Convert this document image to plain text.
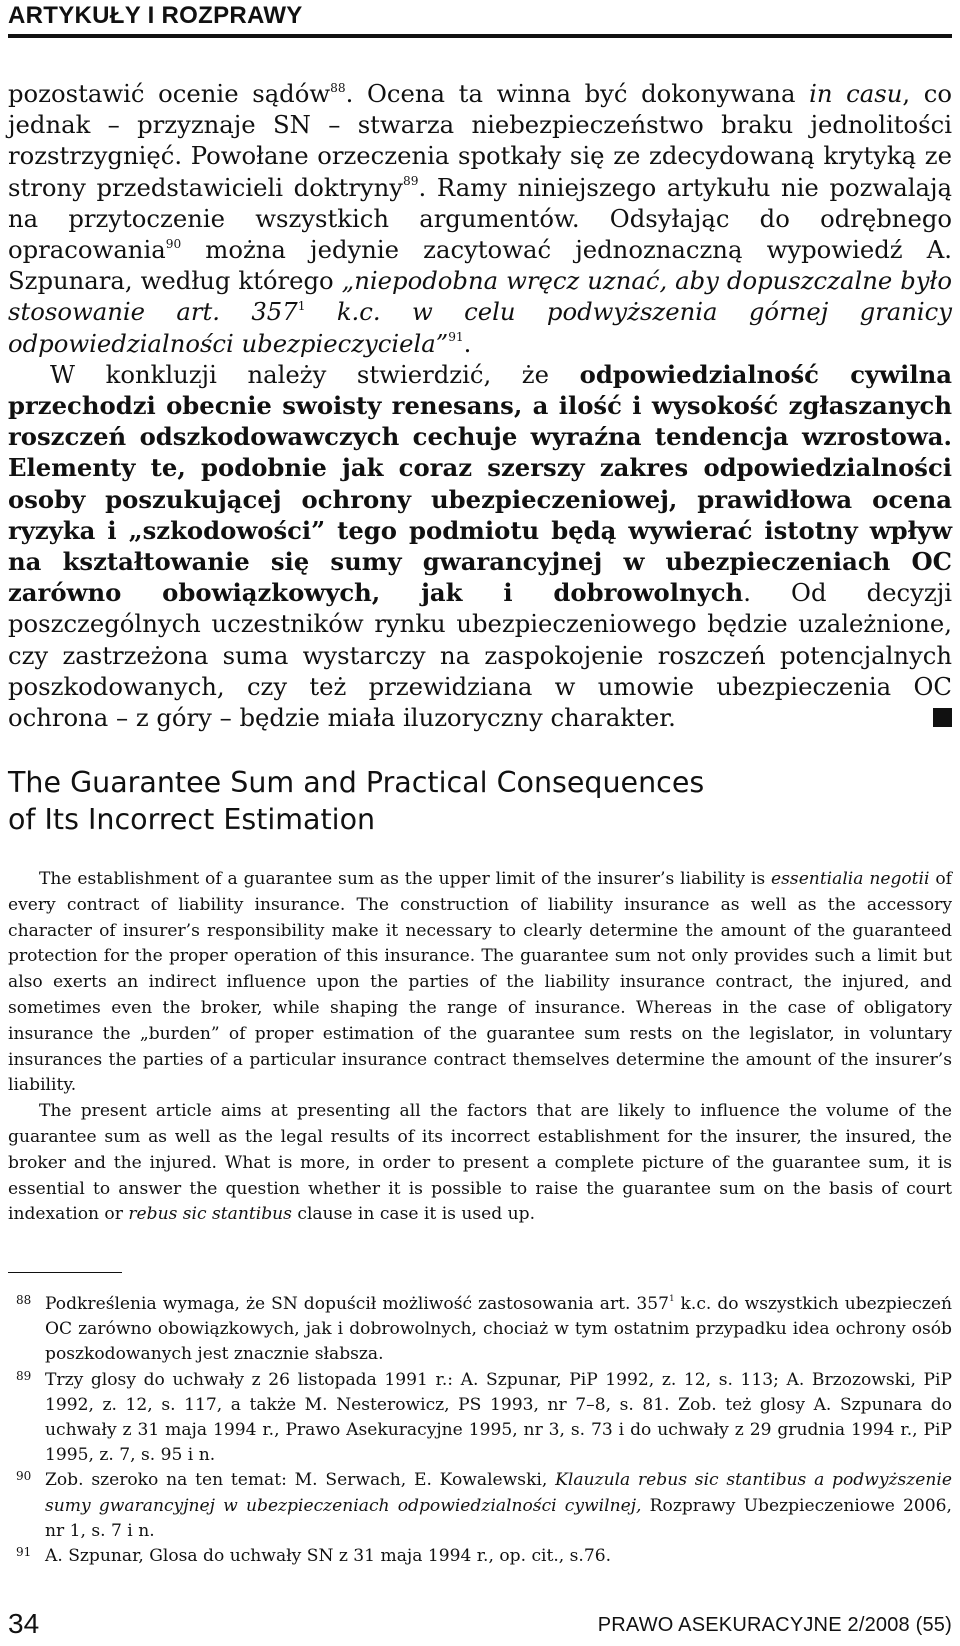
ARTYKUŁY I ROZPRAWY

pozostawić ocenie sądów$^{88}$. Ocena ta winna być dokonywana in casu, co jednak – przyznaje SN – stwarza niebezpieczeństwo braku jednolitości rozstrzygnięć. Powołane orzeczenia spotkały się ze zdecydowaną krytyką ze strony przedstawicieli doktryny$^{89}$. Ramy niniejszego artykułu nie pozwalają na przytoczenie wszystkich argumentów. Odsyłając do odrębnego opracowania$^{90}$ można jedynie zacytować jednoznaczną wypowiedź A. Szpunara, według którego „niepodobna wręcz uznać, aby dopuszczalne było stosowanie art. $357^1$ k.c. w celu podwyższenia górnej granicy odpowiedzialności ubezpieczyciela”$^{91}$.

W konkluzji należy stwierdzić, że odpowiedzialność cywilna przechodzi obecnie swoisty renesans, a ilość i wysokość zgłaszanych roszczeń odszkodowawczych cechuje wyraźna tendencja wzrostowa. Elementy te, podobnie jak coraz szerszy zakres odpowiedzialności osoby poszukującej ochrony ubezpieczeniowej, prawidłowa ocena ryzyka i „szkodowości” tego podmiotu będą wywierać istotny wpływ na kształtowanie się sumy gwarancyjnej w ubezpieczeniach OC zarówno obowiązkowych, jak i dobrowolnych. Od decyzji poszczególnych uczestników rynku ubezpieczeniowego będzie uzależnione, czy zastrzeżona suma wystarczy na zaspokojenie roszczeń potencjalnych poszkodowanych, czy też przewidziana w umowie ubezpieczenia OC ochrona – z góry – będzie miała iluzoryczny charakter.

The Guarantee Sum and Practical Consequences
of Its Incorrect Estimation

The establishment of a guarantee sum as the upper limit of the insurer’s liability is essentialia negotii of every contract of liability insurance. The construction of liability insurance as well as the accessory character of insurer’s responsibility make it necessary to clearly determine the amount of the guaranteed protection for the proper operation of this insurance. The guarantee sum not only provides such a limit but also exerts an indirect influence upon the parties of the liability insurance contract, the injured, and sometimes even the broker, while shaping the range of insurance. Whereas in the case of obligatory insurance the „burden” of proper estimation of the guarantee sum rests on the legislator, in voluntary insurances the parties of a particular insurance contract themselves determine the amount of the insurer’s liability.

The present article aims at presenting all the factors that are likely to influence the volume of the guarantee sum as well as the legal results of its incorrect establishment for the insurer, the insured, the broker and the injured. What is more, in order to present a complete picture of the guarantee sum, it is essential to answer the question whether it is possible to raise the guarantee sum on the basis of court indexation or rebus sic stantibus clause in case it is used up.

88 Podkreślenia wymaga, że SN dopuścił możliwość zastosowania art. $357^1$ k.c. do wszystkich ubezpieczeń OC zarówno obowiązkowych, jak i dobrowolnych, chociaż w tym ostatnim przypadku idea ochrony osób poszkodowanych jest znacznie słabsza.
89 Trzy glosy do uchwały z 26 listopada 1991 r.: A. Szpunar, PiP 1992, z. 12, s. 113; A. Brzozowski, PiP 1992, z. 12, s. 117, a także M. Nesterowicz, PS 1993, nr 7–8, s. 81. Zob. też glosy A. Szpunara do uchwały z 31 maja 1994 r., Prawo Asekuracyjne 1995, nr 3, s. 73 i do uchwały z 29 grudnia 1994 r., PiP 1995, z. 7, s. 95 i n.
90 Zob. szeroko na ten temat: M. Serwach, E. Kowalewski, Klauzula rebus sic stantibus a podwyższenie sumy gwarancyjnej w ubezpieczeniach odpowiedzialności cywilnej, Rozprawy Ubezpieczeniowe 2006, nr 1, s. 7 i n.
91 A. Szpunar, Glosa do uchwały SN z 31 maja 1994 r., op. cit., s.76.
34	PRAWO ASEKURACYJNE 2/2008 (55)
